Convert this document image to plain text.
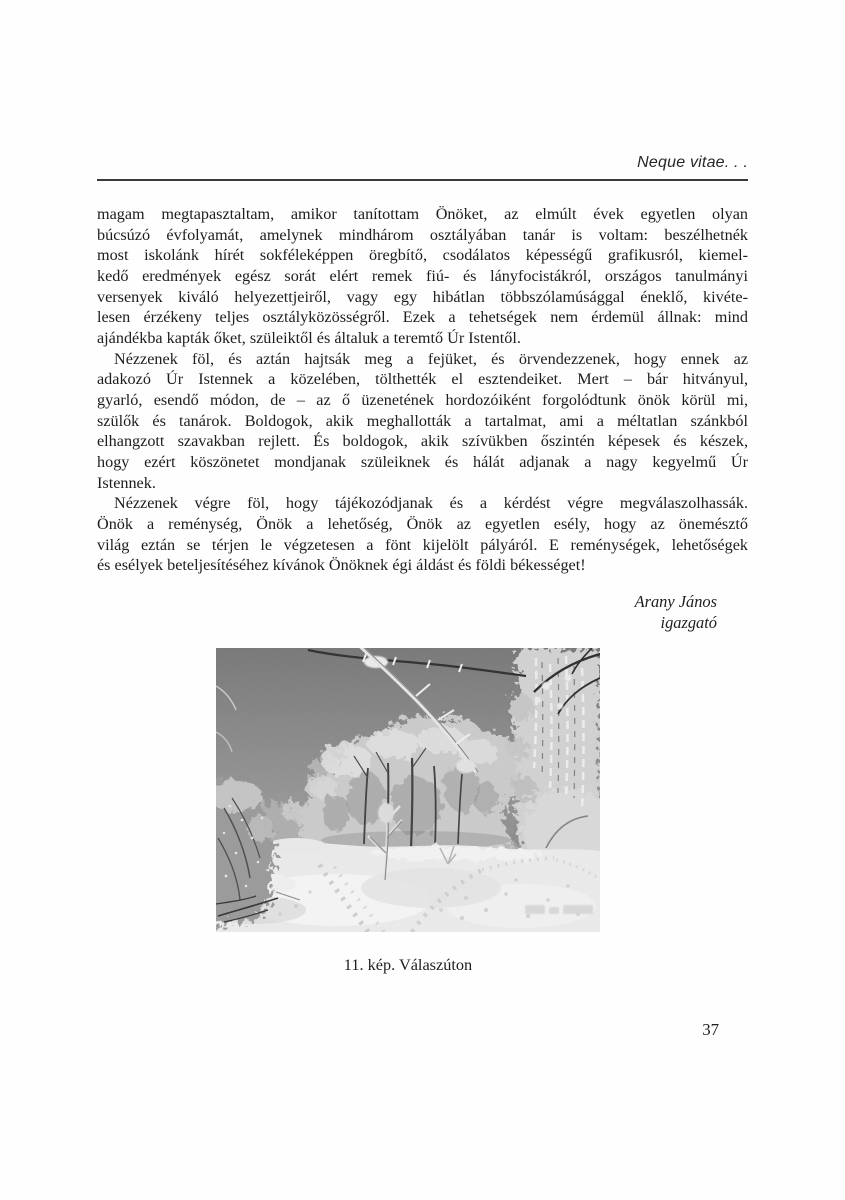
Neque vitae. . .
magam megtapasztaltam, amikor tanítottam Önöket, az elmúlt évek egyetlen olyan
búcsúzó évfolyamát, amelynek mindhárom osztályában tanár is voltam: beszélhetnék
most iskolánk hírét sokféleképpen öregbítő, csodálatos képességű grafikusról, kiemel-
kedő eredmények egész sorát elért remek fiú- és lányfocistákról, országos tanulmányi
versenyek kiváló helyezettjeiről, vagy egy hibátlan többszólamúsággal éneklő, kivéte-
lesen érzékeny teljes osztályközösségről. Ezek a tehetségek nem érdemül állnak: mind
ajándékba kapták őket, szüleiktől és általuk a teremtő Úr Istentől.
Nézzenek föl, és aztán hajtsák meg a fejüket, és örvendezzenek, hogy ennek az
adakozó Úr Istennek a közelében, tölthették el esztendeiket. Mert – bár hitványul,
gyarló, esendő módon, de – az ő üzenetének hordozóiként forgolódtunk önök körül mi,
szülők és tanárok. Boldogok, akik meghallották a tartalmat, ami a méltatlan szánkból
elhangzott szavakban rejlett. És boldogok, akik szívükben őszintén képesek és készek,
hogy ezért köszönetet mondjanak szüleiknek és hálát adjanak a nagy kegyelmű Úr
Istennek.
Nézzenek végre föl, hogy tájékozódjanak és a kérdést végre megválaszolhassák.
Önök a reménység, Önök a lehetőség, Önök az egyetlen esély, hogy az önemésztő
világ eztán se térjen le végzetesen a fönt kijelölt pályáról. E reménységek, lehetőségek
és esélyek beteljesítéséhez kívánok Önöknek égi áldást és földi békességet!
Arany János
igazgató
11. kép. Válaszúton
37
